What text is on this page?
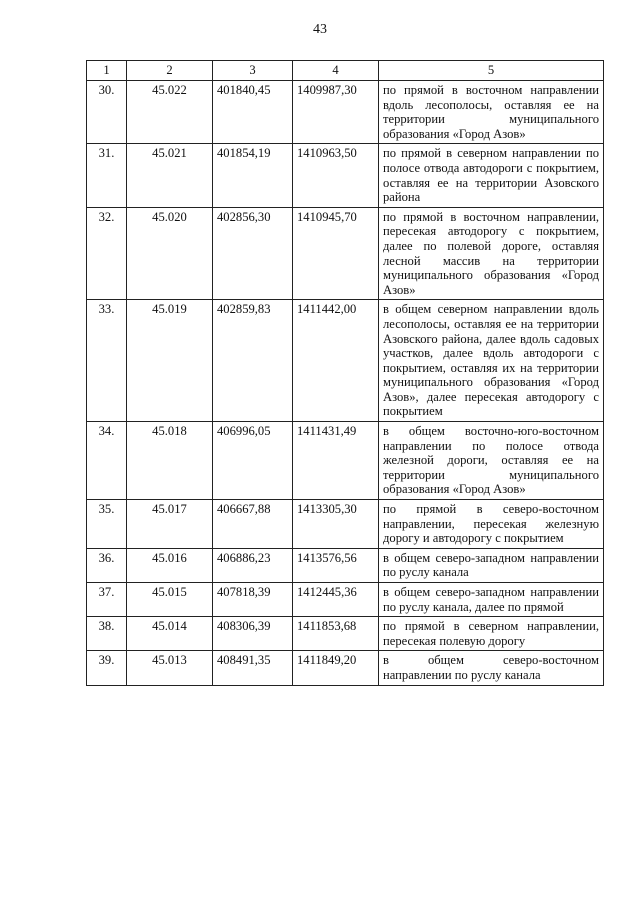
43
1	2	3	4	5
30.	45.022	401840,45	1409987,30	по прямой в восточном направлении вдоль лесополосы, оставляя ее на территории муниципального образования «Город Азов»
31.	45.021	401854,19	1410963,50	по прямой в северном направлении по полосе отвода автодороги с покрытием, оставляя ее на территории Азовского района
32.	45.020	402856,30	1410945,70	по прямой в восточном направлении, пересекая автодорогу с покрытием, далее по полевой дороге, оставляя лесной массив на территории муниципального образования «Город Азов»
33.	45.019	402859,83	1411442,00	в общем северном направлении вдоль лесополосы, оставляя ее на территории Азовского района, далее вдоль садовых участков, далее вдоль автодороги с покрытием, оставляя их на территории муниципального образования «Город Азов», далее пересекая автодорогу с покрытием
34.	45.018	406996,05	1411431,49	в общем восточно-юго-восточном направлении по полосе отвода железной дороги, оставляя ее на территории муниципального образования «Город Азов»
35.	45.017	406667,88	1413305,30	по прямой в северо-восточном направлении, пересекая железную дорогу и автодорогу с покрытием
36.	45.016	406886,23	1413576,56	в общем северо-западном направлении по руслу канала
37.	45.015	407818,39	1412445,36	в общем северо-западном направлении по руслу канала, далее по прямой
38.	45.014	408306,39	1411853,68	по прямой в северном направлении, пересекая полевую дорогу
39.	45.013	408491,35	1411849,20	в общем северо-восточном направлении по руслу канала
